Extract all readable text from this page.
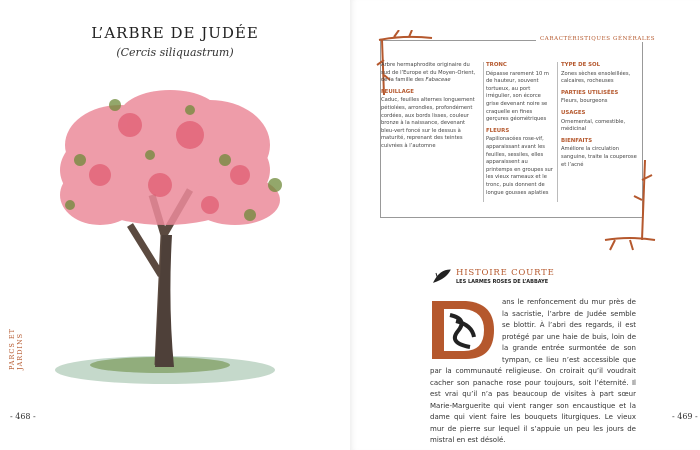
L’ARBRE DE JUDÉE
(Cercis siliquastrum)
PARCS ET JARDINS
- 468 -
CARACTÉRISTIQUES GÉNÉRALES

Arbre hermaphrodite originaire du sud de l’Europe et du Moyen-Orient, de la famille des Fabaceae

FEUILLAGE

Caduc, feuilles alternes longuement pétiolées, arrondies, profondément cordées, aux bords lisses, couleur bronze à la naissance, devenant bleu-vert foncé sur le dessus à maturité, reprenant des teintes cuivrées à l’automne

TRONC

Dépasse rarement 10 m de hauteur, souvent tortueux, au port irrégulier, son écorce grise devenant noire se craquelle en fines gerçures géométriques

FLEURS

Papilionacées rose-vif, apparaissant avant les feuilles, sessiles, elles apparaissent au printemps en groupes sur les vieux rameaux et le tronc, puis donnent de longue gousses aplaties

TYPE DE SOL

Zones sèches ensoleillées, calcaires, rocheuses

PARTIES UTILISÉES

Fleurs, bourgeons

USAGES

Ornemental, comestible, médicinal

BIENFAITS

Améliore la circulation sanguine, traite la couperose et l’acné

HISTOIRE COURTE
LES LARMES ROSES DE L’ABBAYE
ans le renfoncement du mur près de la sacristie, l’arbre de Judée semble se blottir. À l’abri des regards, il est protégé par une haie de buis, loin de la grande entrée surmontée de son tympan, ce lieu n’est accessible que par la communauté religieuse. On croirait qu’il voudrait cacher son panache rose pour toujours, soit l’éternité. Il est vrai qu’il n’a pas beaucoup de visites à part sœur Marie-Marguerite qui vient ranger son encaustique et la dame qui vient faire les bouquets liturgiques. Le vieux mur de pierre sur lequel il s’appuie un peu les jours de mistral en est désolé.
- 469 -
